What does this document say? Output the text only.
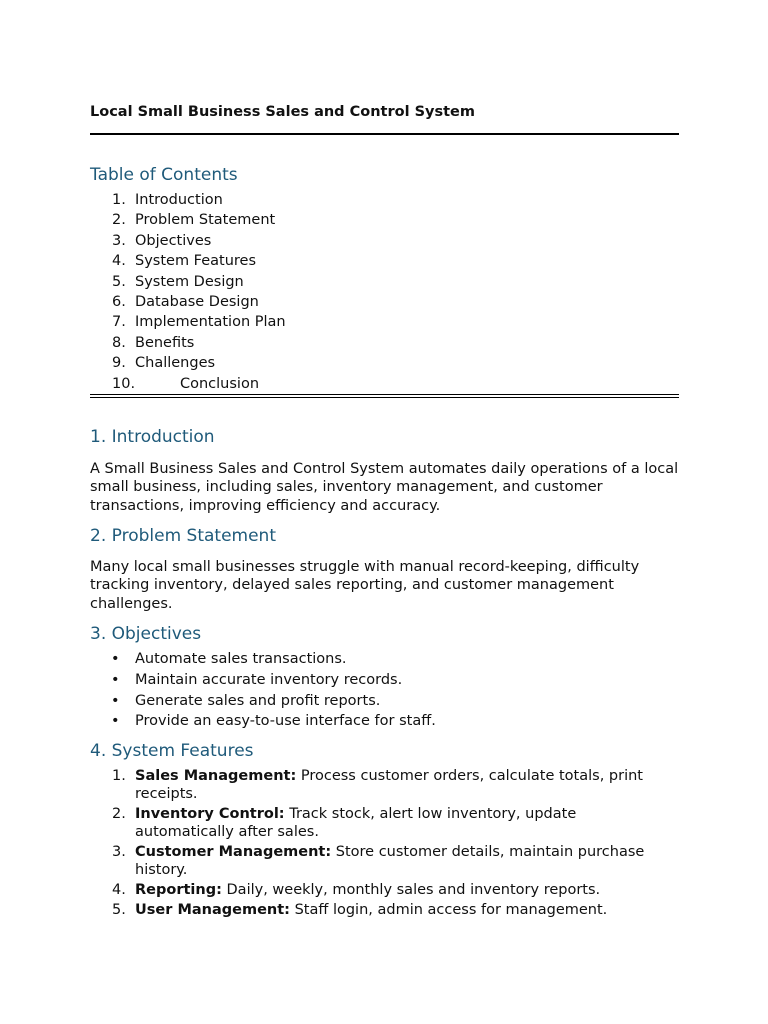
Local Small Business Sales and Control System
Table of Contents
1. Introduction
2. Problem Statement
3. Objectives
4. System Features
5. System Design
6. Database Design
7. Implementation Plan
8. Benefits
9. Challenges
10.	Conclusion
1. Introduction

A Small Business Sales and Control System automates daily operations of a local small business, including sales, inventory management, and customer transactions, improving efficiency and accuracy.

2. Problem Statement

Many local small businesses struggle with manual record-keeping, difficulty tracking inventory, delayed sales reporting, and customer management challenges.

3. Objectives
• Automate sales transactions.
• Maintain accurate inventory records.
• Generate sales and profit reports.
• Provide an easy-to-use interface for staff.
4. System Features
1. Sales Management: Process customer orders, calculate totals, print receipts.
2. Inventory Control: Track stock, alert low inventory, update automatically after sales.
3. Customer Management: Store customer details, maintain purchase history.
4. Reporting: Daily, weekly, monthly sales and inventory reports.
5. User Management: Staff login, admin access for management.
